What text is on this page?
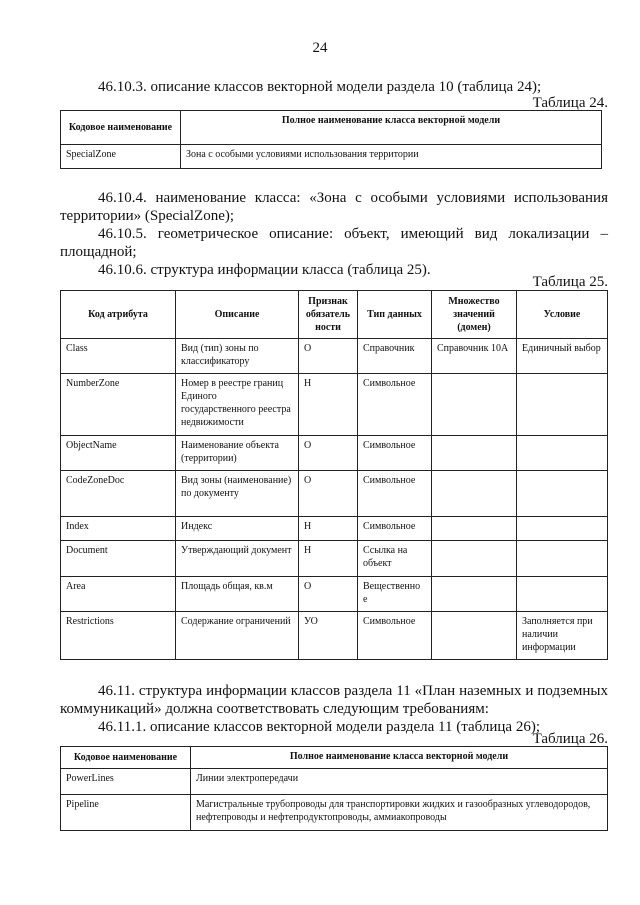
24
46.10.3. описание классов векторной модели раздела 10 (таблица 24);
Таблица 24.
Кодовое наименование	Полное наименование класса векторной модели
SpecialZone	Зона с особыми условиями использования территории
46.10.4. наименование класса: «Зона с особыми условиями использования
территории» (SpecialZone);
46.10.5. геометрическое описание: объект, имеющий вид локализации –
площадной;
46.10.6. структура информации класса (таблица 25).
Таблица 25.
Код атрибута	Описание	Признак обязатель ности	Тип данных	Множество значений (домен)	Условие
Class	Вид (тип) зоны по классификатору	О	Справочник	Справочник 10А	Единичный выбор
NumberZone	Номер в реестре границ Единого государственного реестра недвижимости	Н	Символьное		
ObjectName	Наименование объекта (территории)	О	Символьное		
CodeZoneDoc	Вид зоны (наименование) по документу	О	Символьное		
Index	Индекс	Н	Символьное		
Document	Утверждающий документ	Н	Ссылка на объект		
Area	Площадь общая, кв.м	О	Вещественно е		
Restrictions	Содержание ограничений	УО	Символьное		Заполняется при наличии информации
46.11. структура информации классов раздела 11 «План наземных и подземных
коммуникаций» должна соответствовать следующим требованиям:
46.11.1. описание классов векторной модели раздела 11 (таблица 26);
Таблица 26.
Кодовое наименование	Полное наименование класса векторной модели
PowerLines	Линии электропередачи
Pipeline	Магистральные трубопроводы для транспортировки жидких и газообразных углеводородов, нефтепроводы и нефтепродуктопроводы, аммиакопроводы
